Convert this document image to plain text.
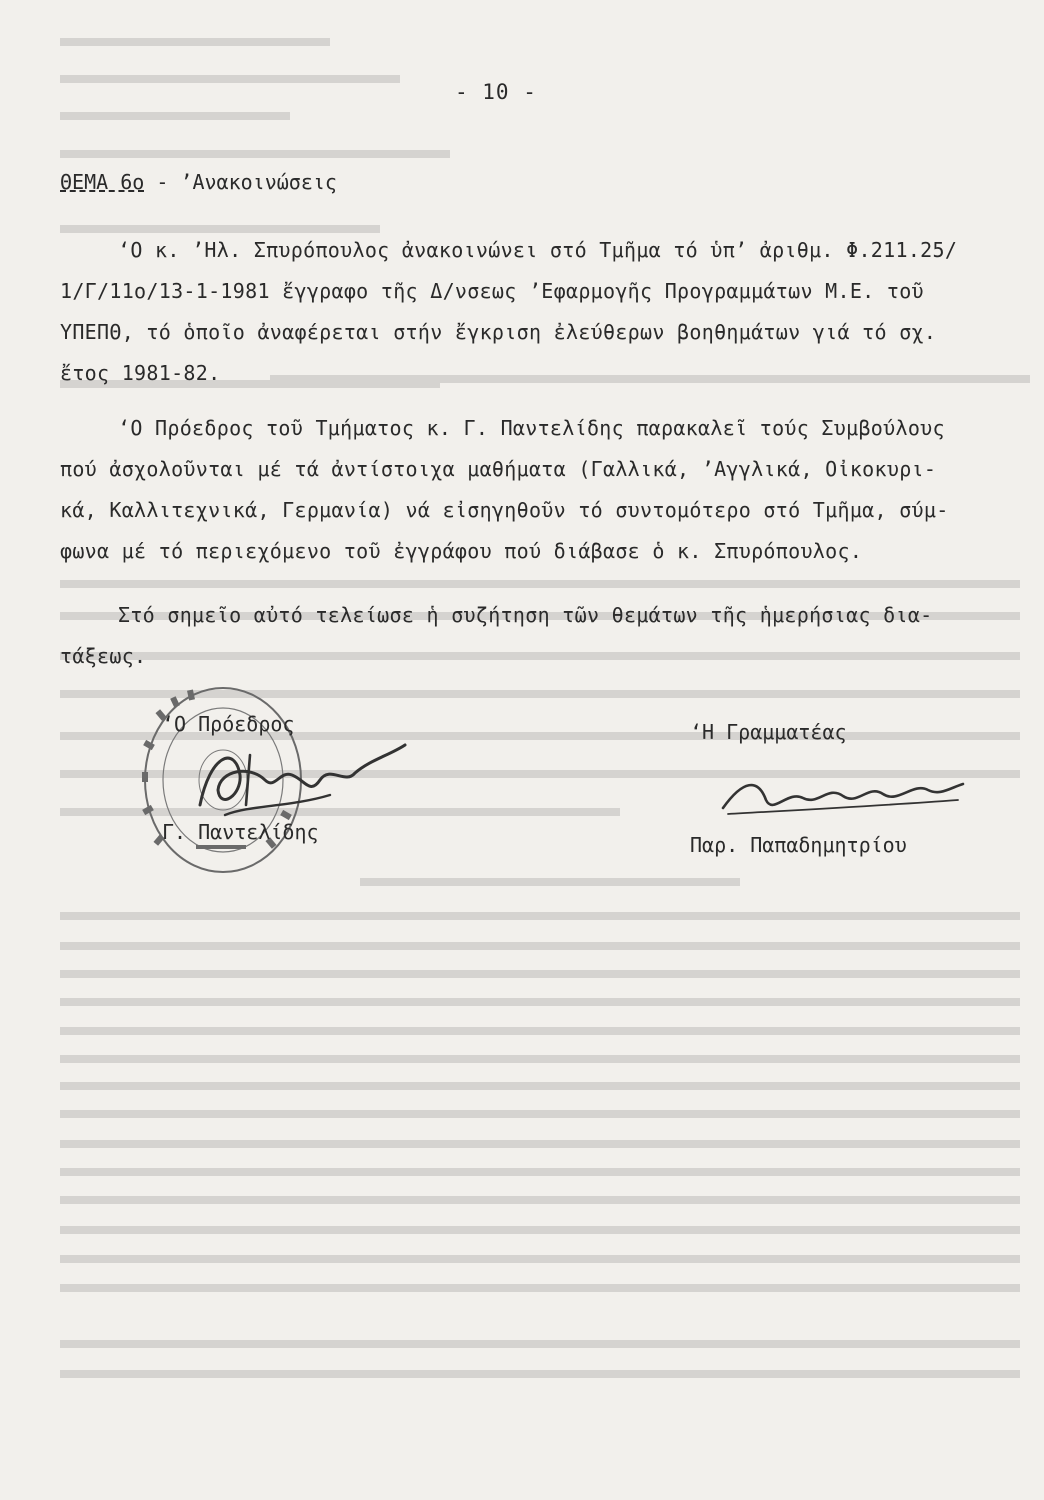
- 10 -
ΘΕΜΑ 6ο - ’Ανακοινώσεις
‘Ο κ. ’Ηλ. Σπυρόπουλος ἀνακοινώνει στό Τμῆμα τό ὑπ’ ἀριθμ. Φ.211.25/
1/Γ/11ο/13-1-1981 ἔγγραφο τῆς Δ/νσεως ’Εφαρμογῆς Προγραμμάτων Μ.Ε. τοῦ
ΥΠΕΠΘ, τό ὁποῖο ἀναφέρεται στήν ἔγκριση ἐλεύθερων βοηθημάτων γιά τό σχ.
ἔτος 1981-82.
‘Ο Πρόεδρος τοῦ Τμήματος κ. Γ. Παντελίδης παρακαλεῖ τούς Συμβούλους
πού ἀσχολοῦνται μέ τά ἀντίστοιχα μαθήματα (Γαλλικά, ’Αγγλικά, Οἰκοκυρι-
κά, Καλλιτεχνικά, Γερμανία) νά εἰσηγηθοῦν τό συντομότερο στό Τμῆμα, σύμ-
φωνα μέ τό περιεχόμενο τοῦ ἐγγράφου πού διάβασε ὁ κ. Σπυρόπουλος.
Στό σημεῖο αὐτό τελείωσε ἡ συζήτηση τῶν θεμάτων τῆς ἡμερήσιας δια-
τάξεως.
‘Ο Πρόεδρος
Γ. Παντελίδης
‘Η Γραμματέας
Παρ. Παπαδημητρίου
